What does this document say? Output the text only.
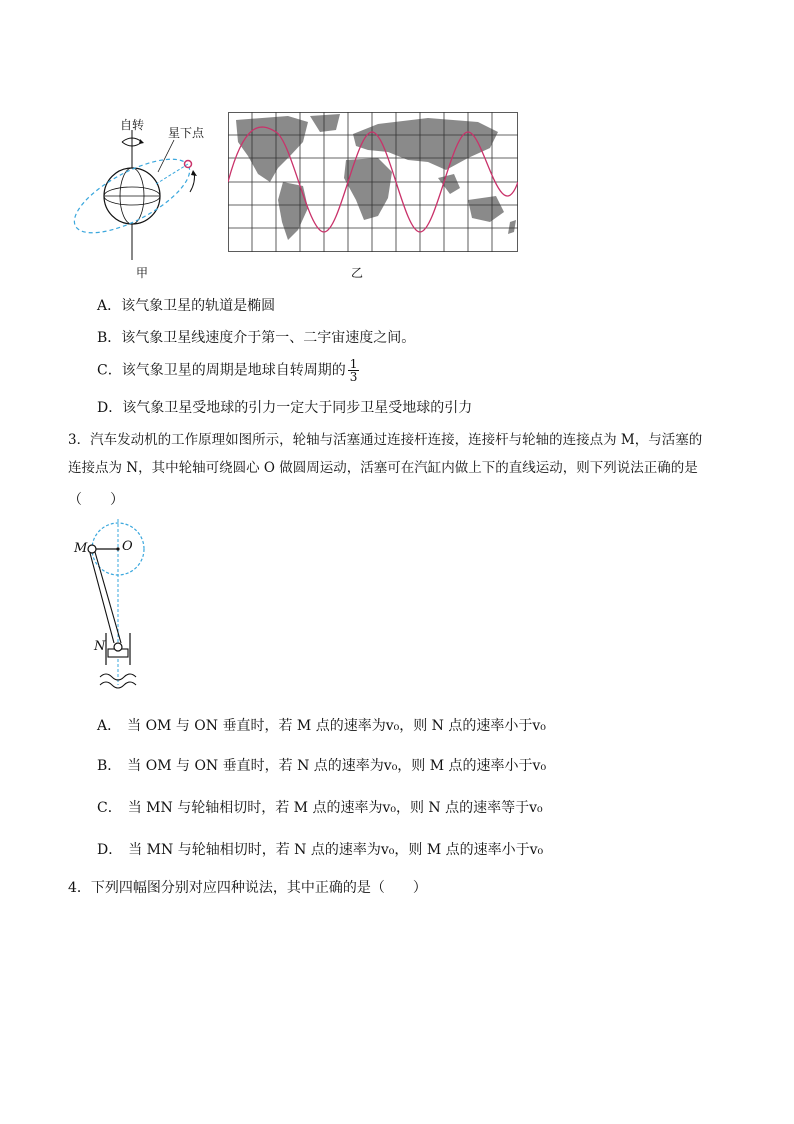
自转
星下点
甲	乙
A．该气象卫星的轨道是椭圆
B．该气象卫星线速度介于第一、二宇宙速度之间。
C．该气象卫星的周期是地球自转周期的 $\frac{1}{3}$
D．该气象卫星受地球的引力一定大于同步卫星受地球的引力
3．汽车发动机的工作原理如图所示，轮轴与活塞通过连接杆连接，连接杆与轮轴的连接点为 M，与活塞的
连接点为 N，其中轮轴可绕圆心 O 做圆周运动，活塞可在汽缸内做上下的直线运动，则下列说法正确的是
（　　）
M	O
N
A． 当 OM 与 ON 垂直时，若 M 点的速率为v₀，则 N 点的速率小于v₀
B． 当 OM 与 ON 垂直时，若 N 点的速率为v₀，则 M 点的速率小于v₀
C． 当 MN 与轮轴相切时，若 M 点的速率为v₀，则 N 点的速率等于v₀
D． 当 MN 与轮轴相切时，若 N 点的速率为v₀，则 M 点的速率小于v₀
4．下列四幅图分别对应四种说法，其中正确的是（　　）
